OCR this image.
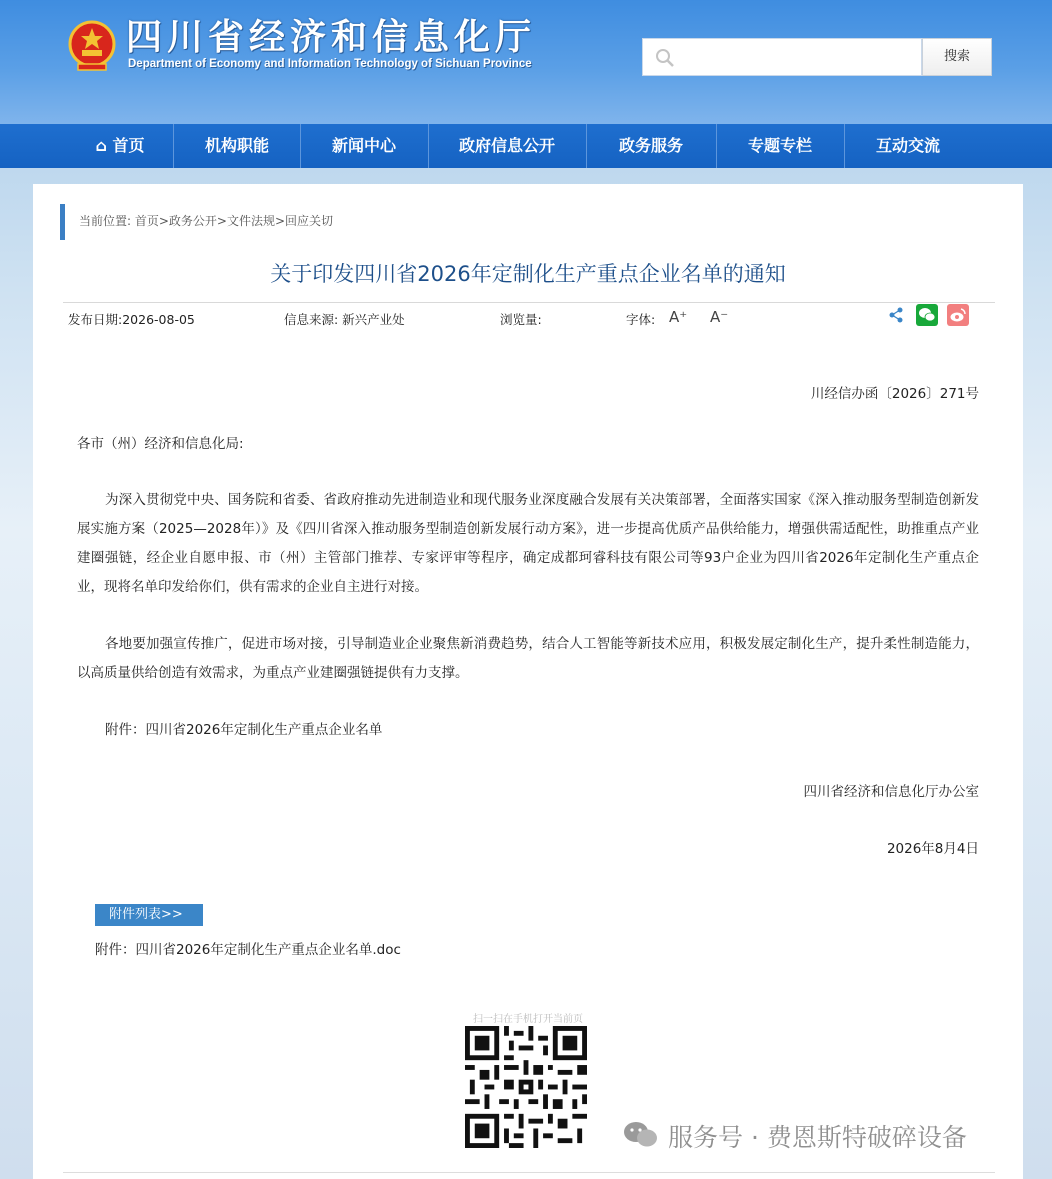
四川省经济和信息化厅
Department of Economy and Information Technology of Sichuan Province	搜索
⌂ 首页	机构职能	新闻中心	政府信息公开	政务服务	专题专栏	互动交流
当前位置: 首页>政务公开>文件法规>回应关切
关于印发四川省2026年定制化生产重点企业名单的通知
发布日期:2026-08-05	信息来源: 新兴产业处	浏览量:	字体: A⁺ A⁻
川经信办函〔2026〕271号
各市（州）经济和信息化局:
为深入贯彻党中央、国务院和省委、省政府推动先进制造业和现代服务业深度融合发展有关决策部署，全面落实国家《深入推动服务型制造创新发展实施方案（2025—2028年）》及《四川省深入推动服务型制造创新发展行动方案》，进一步提高优质产品供给能力，增强供需适配性，助推重点产业建圈强链，经企业自愿申报、市（州）主管部门推荐、专家评审等程序，确定成都珂睿科技有限公司等93户企业为四川省2026年定制化生产重点企业，现将名单印发给你们，供有需求的企业自主进行对接。
各地要加强宣传推广，促进市场对接，引导制造业企业聚焦新消费趋势，结合人工智能等新技术应用，积极发展定制化生产，提升柔性制造能力，以高质量供给创造有效需求，为重点产业建圈强链提供有力支撑。
附件：四川省2026年定制化生产重点企业名单
四川省经济和信息化厅办公室
2026年8月4日
附件列表>>
附件：四川省2026年定制化生产重点企业名单.doc
扫一扫在手机打开当前页
服务号 · 费恩斯特破碎设备
